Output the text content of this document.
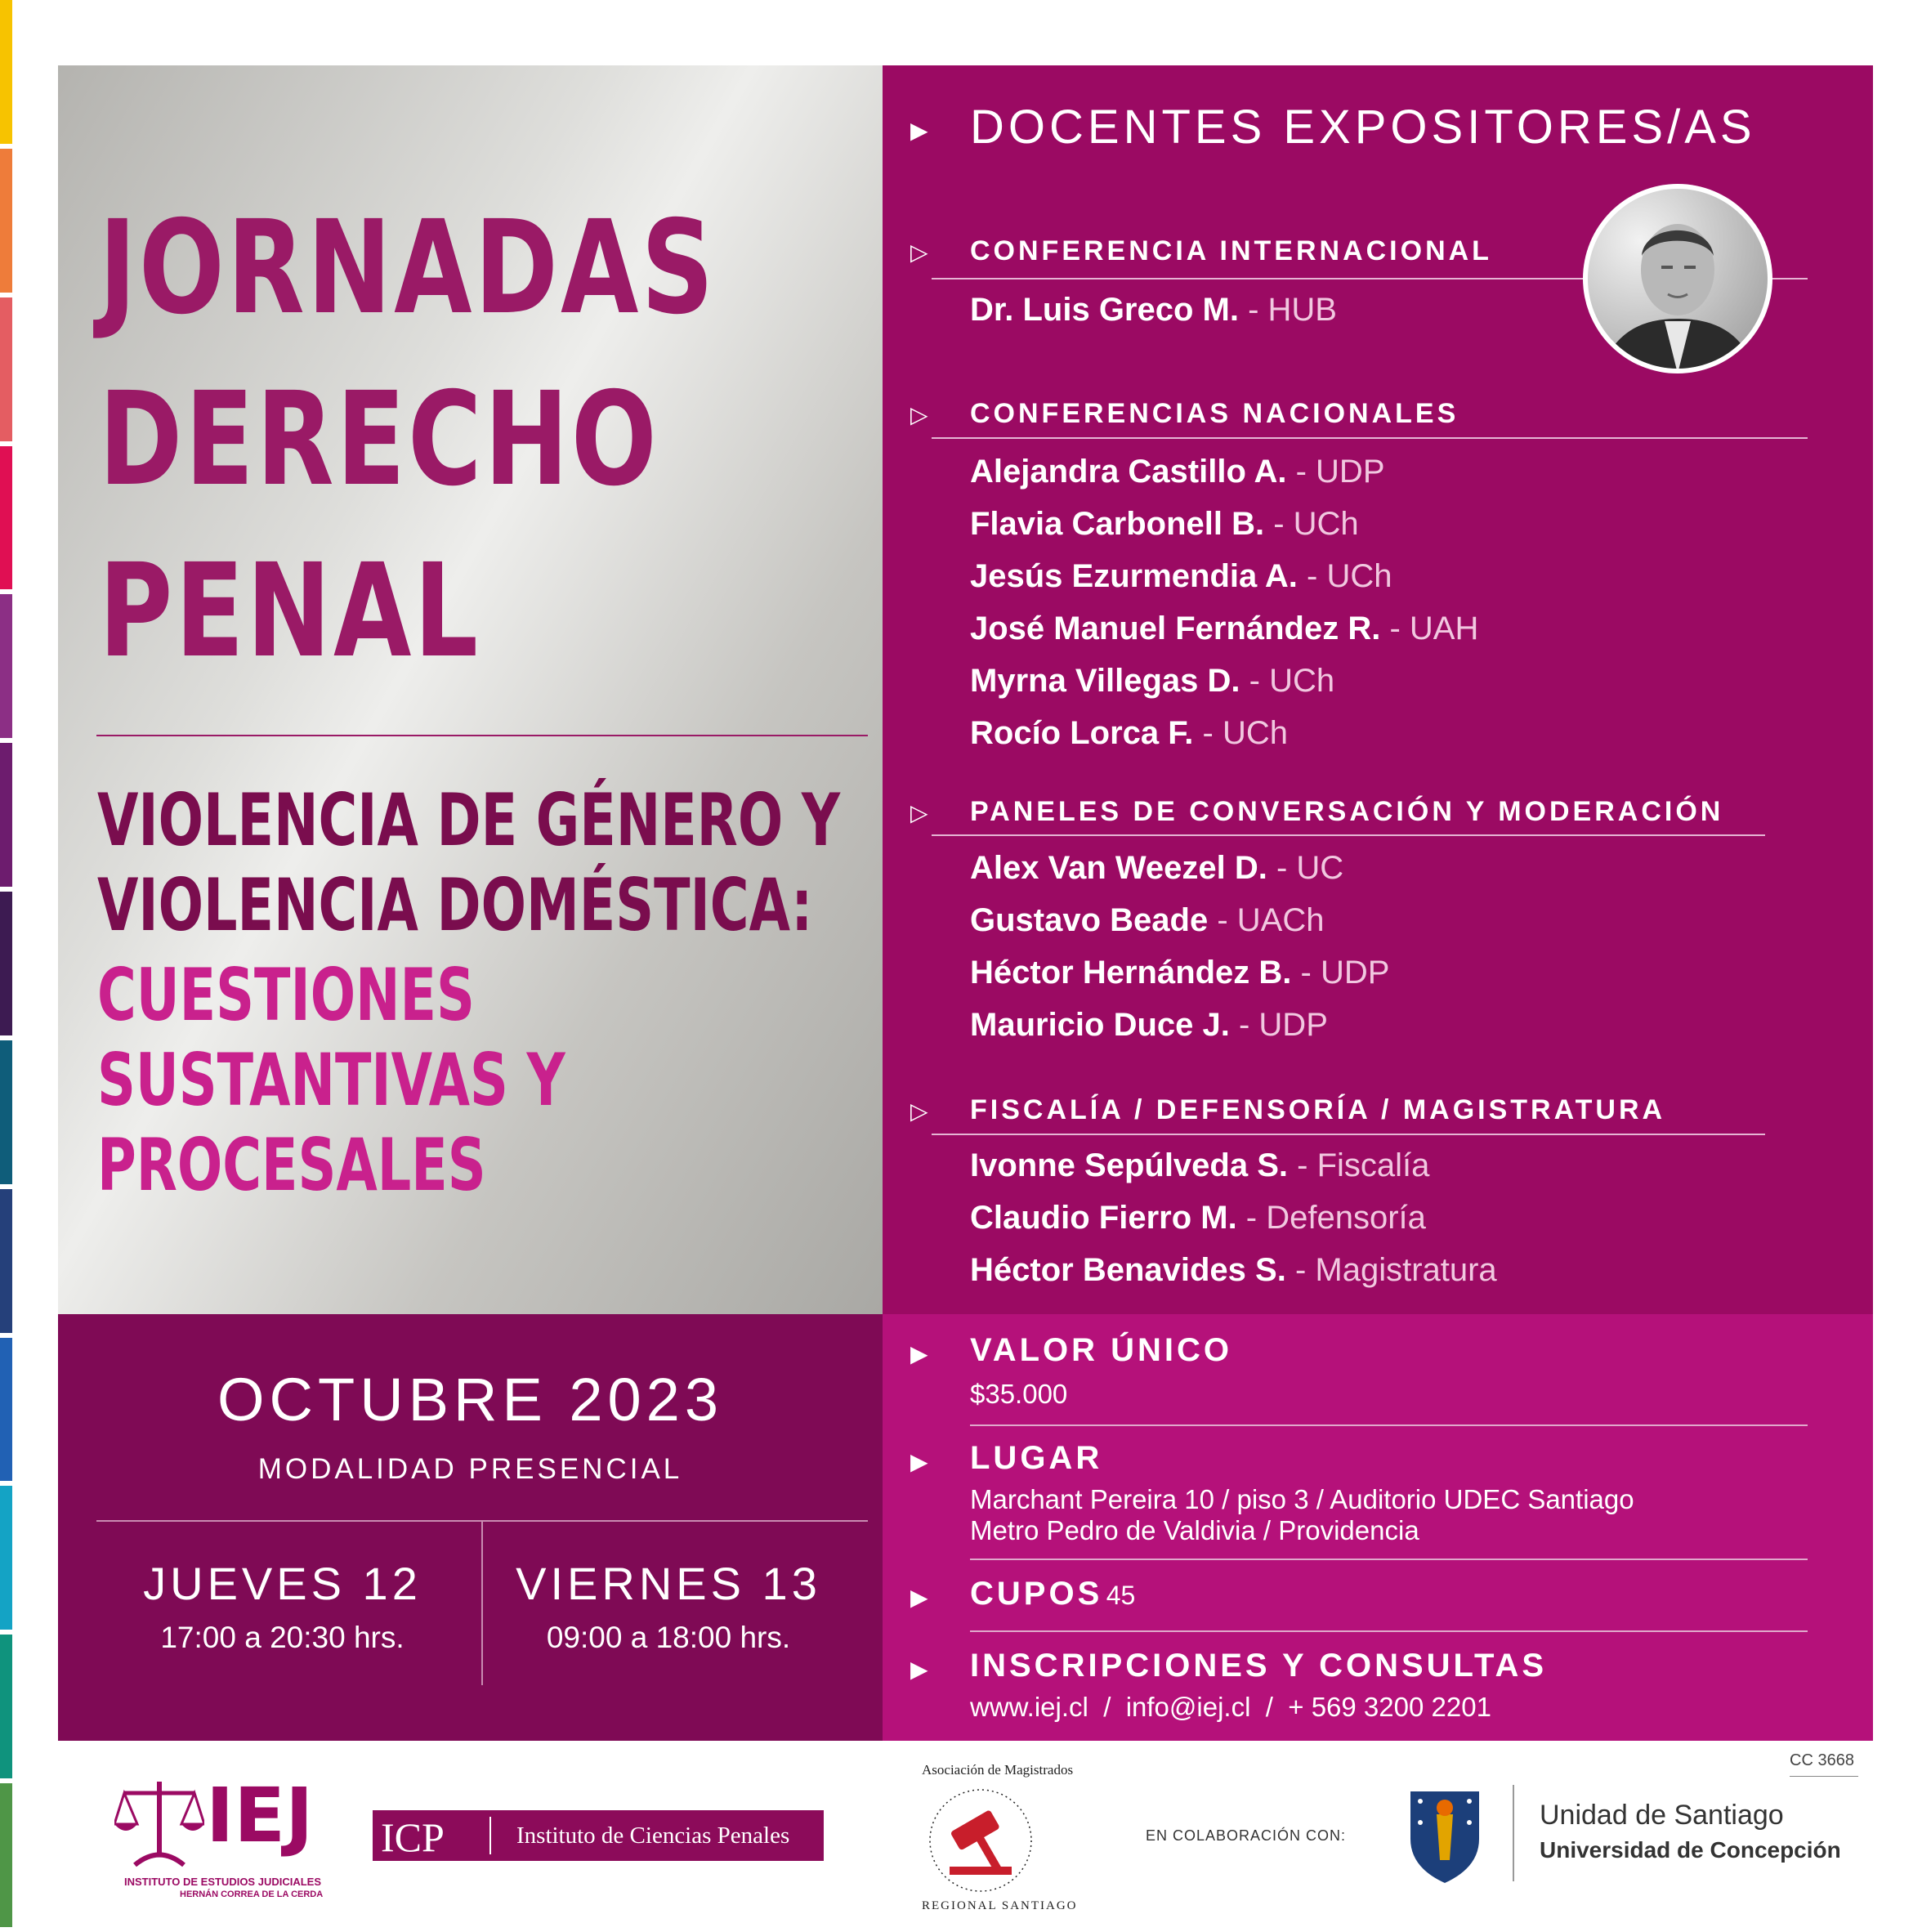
JORNADAS
DERECHO
PENAL
VIOLENCIA DE GÉNERO Y
VIOLENCIA DOMÉSTICA:
CUESTIONES
SUSTANTIVAS Y
PROCESALES
OCTUBRE 2023
MODALIDAD PRESENCIAL
JUEVES 12
17:00 a 20:30 hrs.
VIERNES 13
09:00 a 18:00 hrs.
▶ DOCENTES EXPOSITORES/AS
▷ CONFERENCIA INTERNACIONAL
Dr. Luis Greco M. - HUB
▷ CONFERENCIAS NACIONALES
Alejandra Castillo A. - UDP
Flavia Carbonell B. - UCh
Jesús Ezurmendia A. - UCh
José Manuel Fernández R. - UAH
Myrna Villegas D. - UCh
Rocío Lorca F. - UCh
▷ PANELES DE CONVERSACIÓN Y MODERACIÓN
Alex Van Weezel D. - UC
Gustavo Beade - UACh
Héctor Hernández B. - UDP
Mauricio Duce J. - UDP
▷ FISCALÍA / DEFENSORÍA / MAGISTRATURA
Ivonne Sepúlveda S. - Fiscalía
Claudio Fierro M. - Defensoría
Héctor Benavides S. - Magistratura
▶ VALOR ÚNICO
$35.000
▶ LUGAR
Marchant Pereira 10 / piso 3 / Auditorio UDEC Santiago
Metro Pedro de Valdivia / Providencia
▶ CUPOS 45
▶ INSCRIPCIONES Y CONSULTAS
www.iej.cl  /  info@iej.cl  /  + 569 3200 2201
CC 3668
IEJ
INSTITUTO DE ESTUDIOS JUDICIALES
HERNÁN CORREA DE LA CERDA
ICP	Instituto de Ciencias Penales
Asociación de Magistrados
REGIONAL SANTIAGO
EN COLABORACIÓN CON:
Unidad de Santiago
Universidad de Concepción
